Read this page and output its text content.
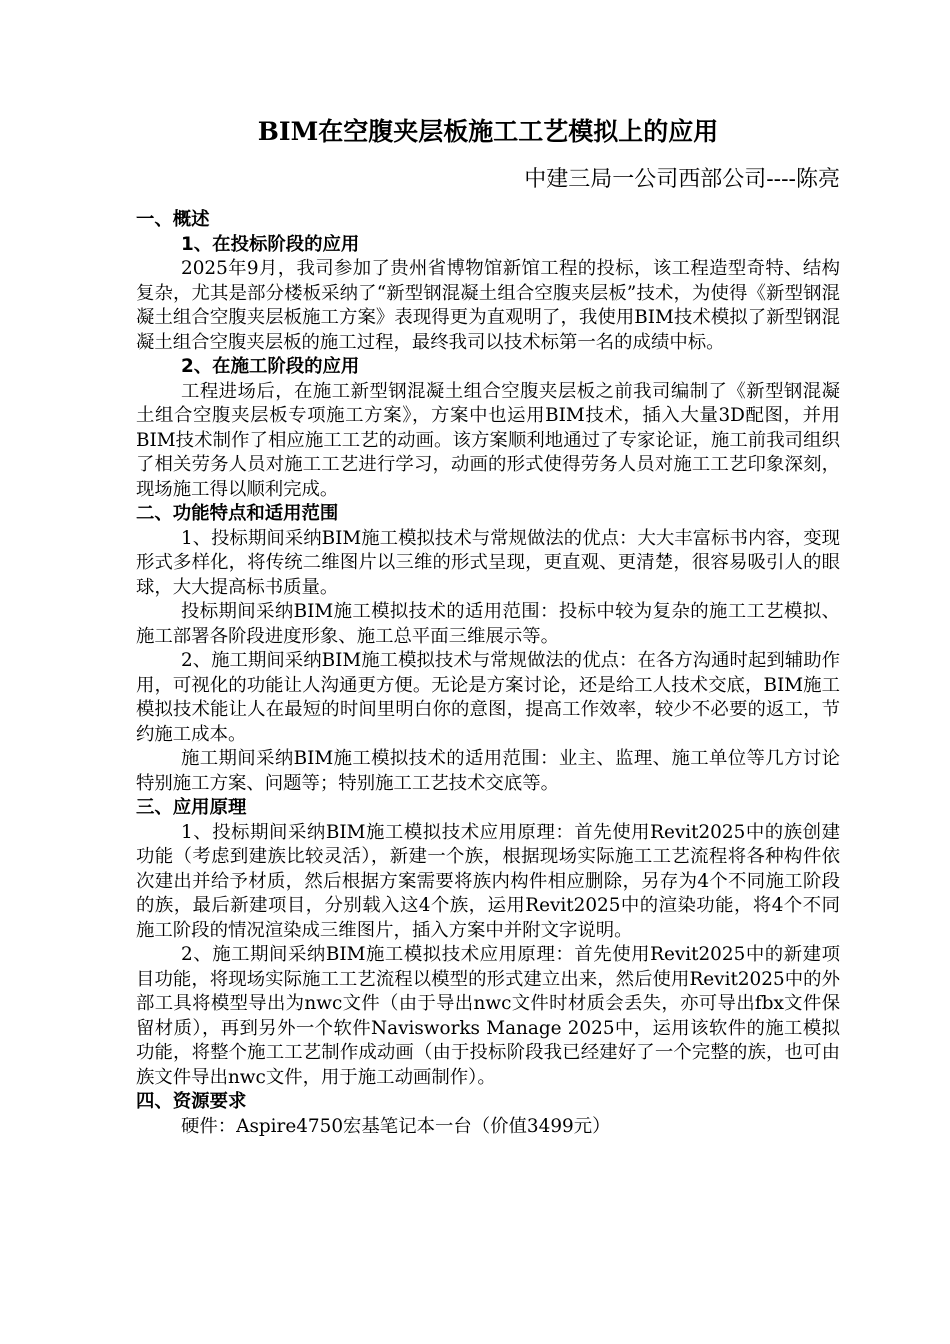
BIM在空腹夹层板施工工艺模拟上的应用
中建三局一公司西部公司----陈亮
一、概述
1、在投标阶段的应用

2025年9月，我司参加了贵州省博物馆新馆工程的投标，该工程造型奇特、结构复杂，尤其是部分楼板采纳了“新型钢混凝土组合空腹夹层板”技术，为使得《新型钢混凝土组合空腹夹层板施工方案》表现得更为直观明了，我使用BIM技术模拟了新型钢混凝土组合空腹夹层板的施工过程，最终我司以技术标第一名的成绩中标。

2、在施工阶段的应用

工程进场后，在施工新型钢混凝土组合空腹夹层板之前我司编制了《新型钢混凝土组合空腹夹层板专项施工方案》，方案中也运用BIM技术，插入大量3D配图，并用BIM技术制作了相应施工工艺的动画。该方案顺利地通过了专家论证，施工前我司组织了相关劳务人员对施工工艺进行学习，动画的形式使得劳务人员对施工工艺印象深刻，现场施工得以顺利完成。

二、功能特点和适用范围

1、投标期间采纳BIM施工模拟技术与常规做法的优点：大大丰富标书内容，变现形式多样化，将传统二维图片以三维的形式呈现，更直观、更清楚，很容易吸引人的眼球，大大提高标书质量。

投标期间采纳BIM施工模拟技术的适用范围：投标中较为复杂的施工工艺模拟、施工部署各阶段进度形象、施工总平面三维展示等。

2、施工期间采纳BIM施工模拟技术与常规做法的优点：在各方沟通时起到辅助作用，可视化的功能让人沟通更方便。无论是方案讨论，还是给工人技术交底，BIM施工模拟技术能让人在最短的时间里明白你的意图，提高工作效率，较少不必要的返工，节约施工成本。

施工期间采纳BIM施工模拟技术的适用范围：业主、监理、施工单位等几方讨论特别施工方案、问题等；特别施工工艺技术交底等。

三、应用原理

1、投标期间采纳BIM施工模拟技术应用原理：首先使用Revit2025中的族创建功能（考虑到建族比较灵活），新建一个族，根据现场实际施工工艺流程将各种构件依次建出并给予材质，然后根据方案需要将族内构件相应删除，另存为4个不同施工阶段的族，最后新建项目，分别载入这4个族，运用Revit2025中的渲染功能，将4个不同施工阶段的情况渲染成三维图片，插入方案中并附文字说明。

2、施工期间采纳BIM施工模拟技术应用原理：首先使用Revit2025中的新建项目功能，将现场实际施工工艺流程以模型的形式建立出来，然后使用Revit2025中的外部工具将模型导出为nwc文件（由于导出nwc文件时材质会丢失，亦可导出fbx文件保留材质），再到另外一个软件Navisworks Manage 2025中，运用该软件的施工模拟功能，将整个施工工艺制作成动画（由于投标阶段我已经建好了一个完整的族，也可由族文件导出nwc文件，用于施工动画制作）。

四、资源要求

硬件：Aspire4750宏基笔记本一台（价值3499元）
